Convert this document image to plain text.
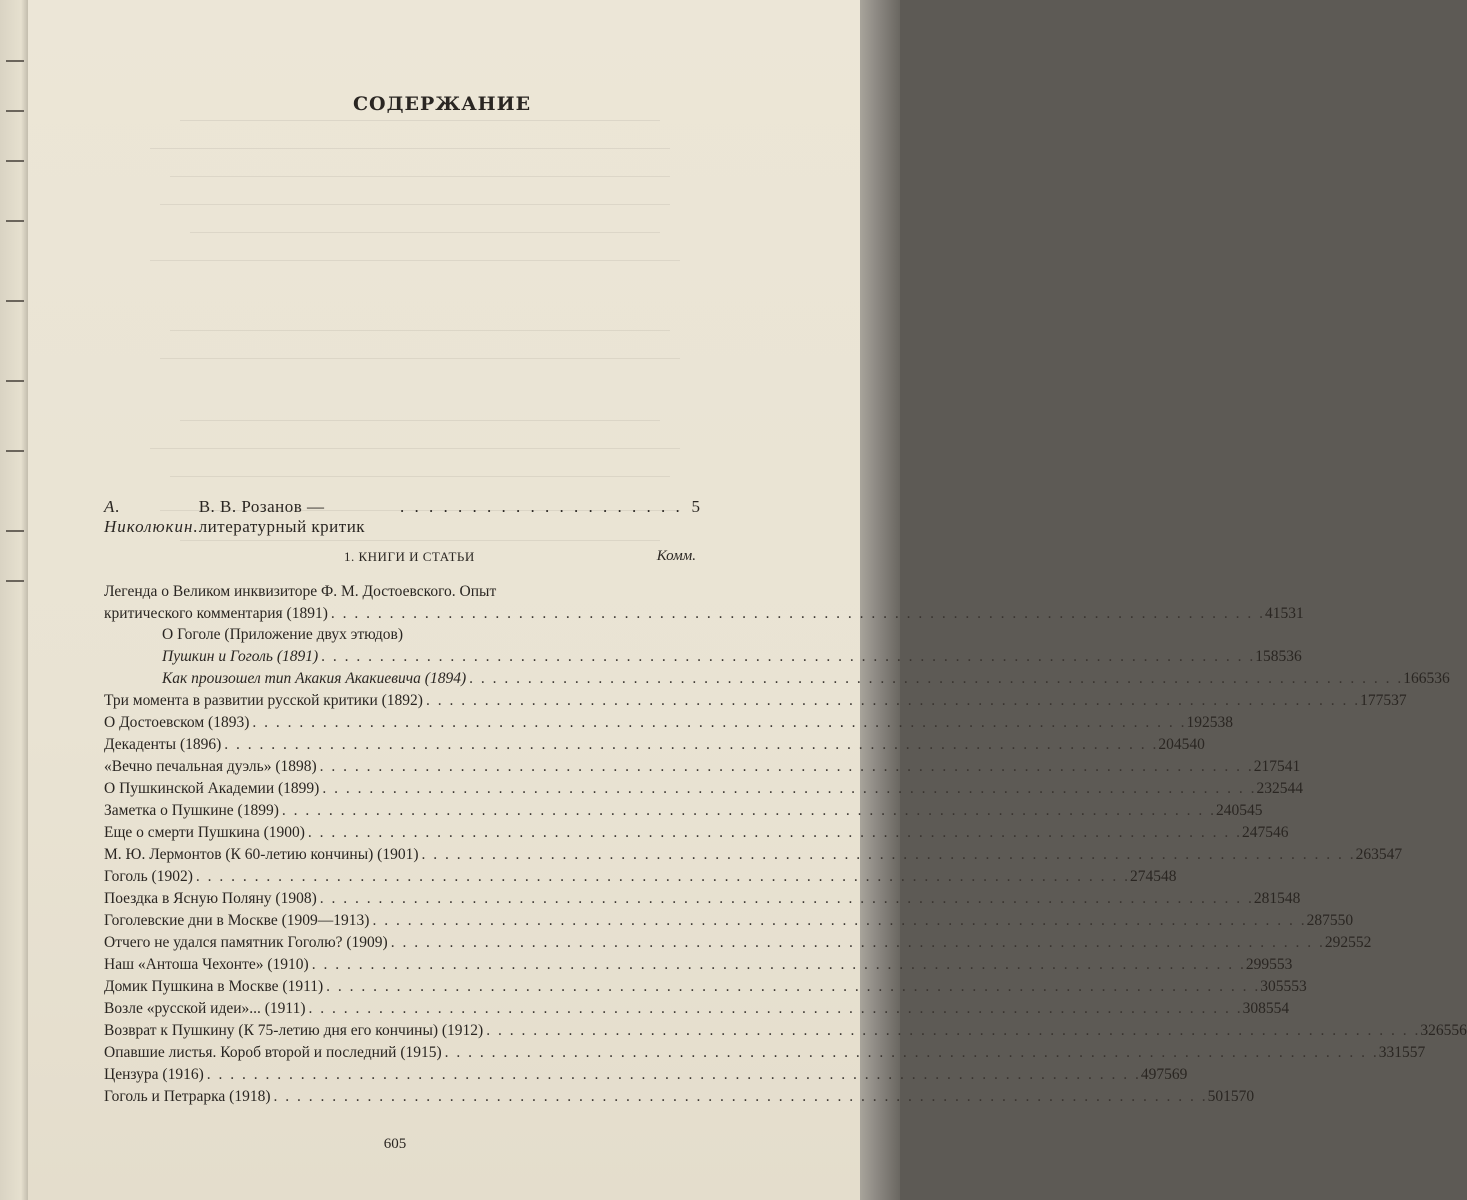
СОДЕРЖАНИЕ
А. Николюкин.
В. В. Розанов — литературный критик
. . . . . . . . . . . . . . . . . . . . 5
1. КНИГИ И СТАТЬИ	Комм.
Легенда о Великом инквизиторе Ф. М. Достоевского. Опыт
критического комментария (1891) . . . . . . . . . . . . . . . . . . . . . . . . . . . . . . . . . . . . . . . . . . . . . . . . . . . . . . . . . . . . . . . . . . . . . . . . . . . . . . . . 41 531
О Гоголе (Приложение двух этюдов)
Пушкин и Гоголь (1891) . . . . . . . . . . . . . . . . . . . . . . . . . . . . . . . . . . . . . . . . . . . . . . . . . . . . . . . . . . . . . . . . . . . . . . . . . . . . . . . . 158 536
Как произошел тип Акакия Акакиевича (1894) . . . . . . . . . . . . . . . . . . . . . . . . . . . . . . . . . . . . . . . . . . . . . . . . . . . . . . . . . . . . . . . . . . . . . . . . . . . . . . . . 166 536
Три момента в развитии русской критики (1892) . . . . . . . . . . . . . . . . . . . . . . . . . . . . . . . . . . . . . . . . . . . . . . . . . . . . . . . . . . . . . . . . . . . . . . . . . . . . . . . . 177 537
О Достоевском (1893) . . . . . . . . . . . . . . . . . . . . . . . . . . . . . . . . . . . . . . . . . . . . . . . . . . . . . . . . . . . . . . . . . . . . . . . . . . . . . . . . 192 538
Декаденты (1896) . . . . . . . . . . . . . . . . . . . . . . . . . . . . . . . . . . . . . . . . . . . . . . . . . . . . . . . . . . . . . . . . . . . . . . . . . . . . . . . . 204 540
«Вечно печальная дуэль» (1898) . . . . . . . . . . . . . . . . . . . . . . . . . . . . . . . . . . . . . . . . . . . . . . . . . . . . . . . . . . . . . . . . . . . . . . . . . . . . . . . . 217 541
О Пушкинской Академии (1899) . . . . . . . . . . . . . . . . . . . . . . . . . . . . . . . . . . . . . . . . . . . . . . . . . . . . . . . . . . . . . . . . . . . . . . . . . . . . . . . . 232 544
Заметка о Пушкине (1899) . . . . . . . . . . . . . . . . . . . . . . . . . . . . . . . . . . . . . . . . . . . . . . . . . . . . . . . . . . . . . . . . . . . . . . . . . . . . . . . . 240 545
Еще о смерти Пушкина (1900) . . . . . . . . . . . . . . . . . . . . . . . . . . . . . . . . . . . . . . . . . . . . . . . . . . . . . . . . . . . . . . . . . . . . . . . . . . . . . . . . 247 546
М. Ю. Лермонтов (К 60-летию кончины) (1901) . . . . . . . . . . . . . . . . . . . . . . . . . . . . . . . . . . . . . . . . . . . . . . . . . . . . . . . . . . . . . . . . . . . . . . . . . . . . . . . . 263 547
Гоголь (1902) . . . . . . . . . . . . . . . . . . . . . . . . . . . . . . . . . . . . . . . . . . . . . . . . . . . . . . . . . . . . . . . . . . . . . . . . . . . . . . . . 274 548
Поездка в Ясную Поляну (1908) . . . . . . . . . . . . . . . . . . . . . . . . . . . . . . . . . . . . . . . . . . . . . . . . . . . . . . . . . . . . . . . . . . . . . . . . . . . . . . . . 281 548
Гоголевские дни в Москве (1909—1913) . . . . . . . . . . . . . . . . . . . . . . . . . . . . . . . . . . . . . . . . . . . . . . . . . . . . . . . . . . . . . . . . . . . . . . . . . . . . . . . . 287 550
Отчего не удался памятник Гоголю? (1909) . . . . . . . . . . . . . . . . . . . . . . . . . . . . . . . . . . . . . . . . . . . . . . . . . . . . . . . . . . . . . . . . . . . . . . . . . . . . . . . . 292 552
Наш «Антоша Чехонте» (1910) . . . . . . . . . . . . . . . . . . . . . . . . . . . . . . . . . . . . . . . . . . . . . . . . . . . . . . . . . . . . . . . . . . . . . . . . . . . . . . . . 299 553
Домик Пушкина в Москве (1911) . . . . . . . . . . . . . . . . . . . . . . . . . . . . . . . . . . . . . . . . . . . . . . . . . . . . . . . . . . . . . . . . . . . . . . . . . . . . . . . . 305 553
Возле «русской идеи»... (1911) . . . . . . . . . . . . . . . . . . . . . . . . . . . . . . . . . . . . . . . . . . . . . . . . . . . . . . . . . . . . . . . . . . . . . . . . . . . . . . . . 308 554
Возврат к Пушкину (К 75-летию дня его кончины) (1912) . . . . . . . . . . . . . . . . . . . . . . . . . . . . . . . . . . . . . . . . . . . . . . . . . . . . . . . . . . . . . . . . . . . . . . . . . . . . . . . . 326 556
Опавшие листья. Короб второй и последний (1915) . . . . . . . . . . . . . . . . . . . . . . . . . . . . . . . . . . . . . . . . . . . . . . . . . . . . . . . . . . . . . . . . . . . . . . . . . . . . . . . . 331 557
Цензура (1916) . . . . . . . . . . . . . . . . . . . . . . . . . . . . . . . . . . . . . . . . . . . . . . . . . . . . . . . . . . . . . . . . . . . . . . . . . . . . . . . . 497 569
Гоголь и Петрарка (1918) . . . . . . . . . . . . . . . . . . . . . . . . . . . . . . . . . . . . . . . . . . . . . . . . . . . . . . . . . . . . . . . . . . . . . . . . . . . . . . . . 501 570
605
